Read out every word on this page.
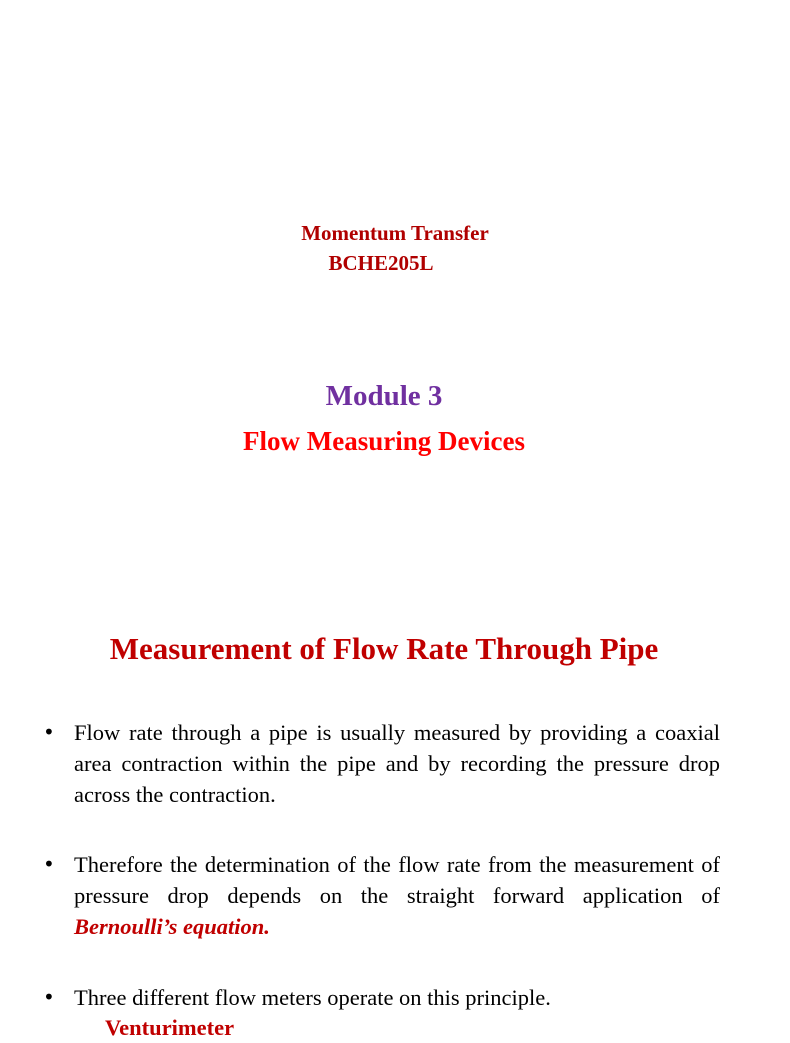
Momentum Transfer
BCHE205L
Module 3
Flow Measuring Devices
Measurement of Flow Rate Through Pipe
• Flow rate through a pipe is usually measured by providing a coaxial area contraction within the pipe and by recording the pressure drop across the contraction.
• Therefore the determination of the flow rate from the measurement of pressure drop depends on the straight forward application of Bernoulli’s equation.
• Three different flow meters operate on this principle.
Venturimeter
